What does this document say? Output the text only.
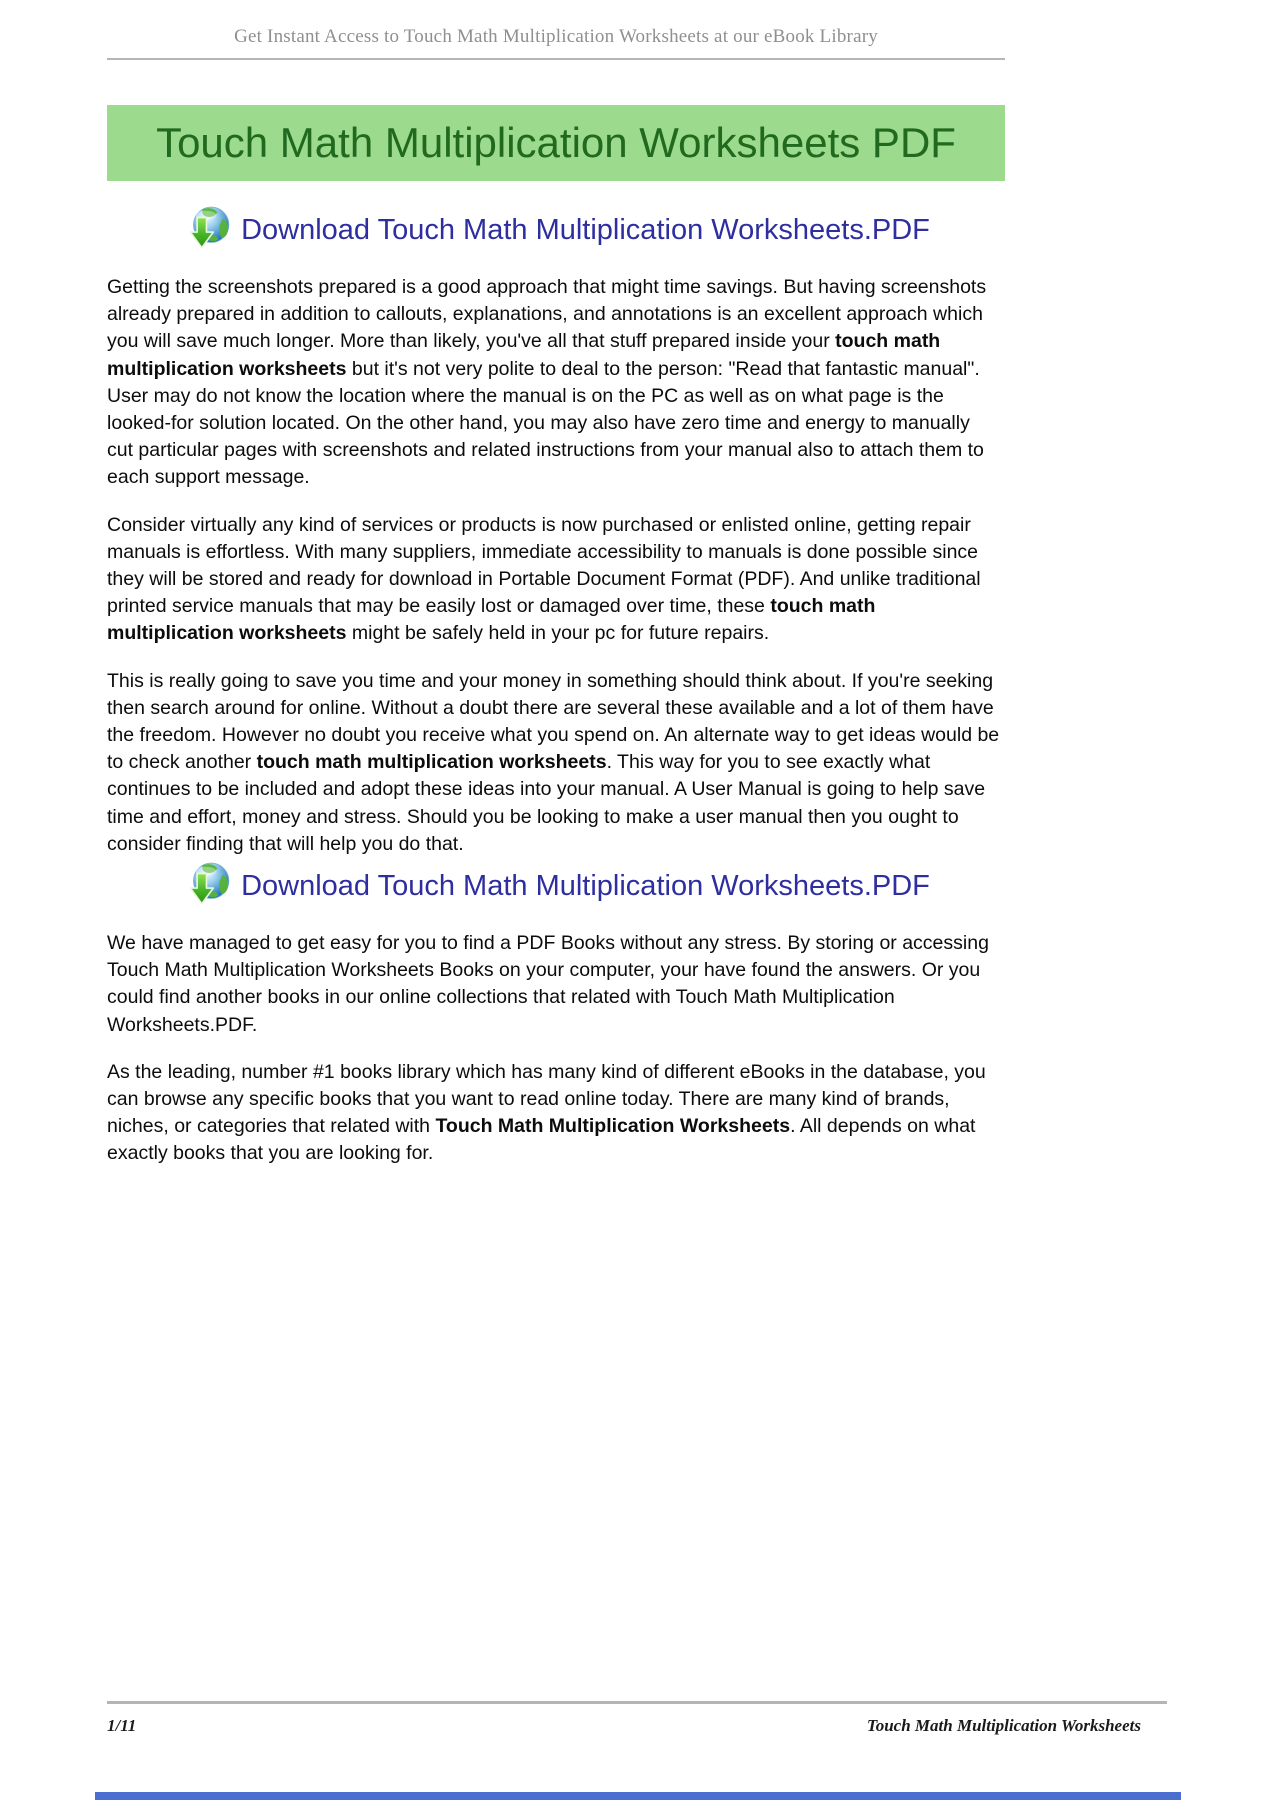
Get Instant Access to Touch Math Multiplication Worksheets at our eBook Library
Touch Math Multiplication Worksheets PDF
Download Touch Math Multiplication Worksheets.PDF

Getting the screenshots prepared is a good approach that might time savings. But having screenshots already prepared in addition to callouts, explanations, and annotations is an excellent approach which you will save much longer. More than likely, you've all that stuff prepared inside your touch math multiplication worksheets but it's not very polite to deal to the person: "Read that fantastic manual". User may do not know the location where the manual is on the PC as well as on what page is the looked-for solution located. On the other hand, you may also have zero time and energy to manually cut particular pages with screenshots and related instructions from your manual also to attach them to each support message.

Consider virtually any kind of services or products is now purchased or enlisted online, getting repair manuals is effortless. With many suppliers, immediate accessibility to manuals is done possible since they will be stored and ready for download in Portable Document Format (PDF). And unlike traditional printed service manuals that may be easily lost or damaged over time, these touch math multiplication worksheets might be safely held in your pc for future repairs.

This is really going to save you time and your money in something should think about. If you're seeking then search around for online. Without a doubt there are several these available and a lot of them have the freedom. However no doubt you receive what you spend on. An alternate way to get ideas would be to check another touch math multiplication worksheets. This way for you to see exactly what continues to be included and adopt these ideas into your manual. A User Manual is going to help save time and effort, money and stress. Should you be looking to make a user manual then you ought to consider finding that will help you do that.

Download Touch Math Multiplication Worksheets.PDF

We have managed to get easy for you to find a PDF Books without any stress. By storing or accessing Touch Math Multiplication Worksheets Books on your computer, your have found the answers. Or you could find another books in our online collections that related with Touch Math Multiplication Worksheets.PDF.

As the leading, number #1 books library which has many kind of different eBooks in the database, you can browse any specific books that you want to read online today. There are many kind of brands, niches, or categories that related with Touch Math Multiplication Worksheets. All depends on what exactly books that you are looking for.

1/11	Touch Math Multiplication Worksheets
